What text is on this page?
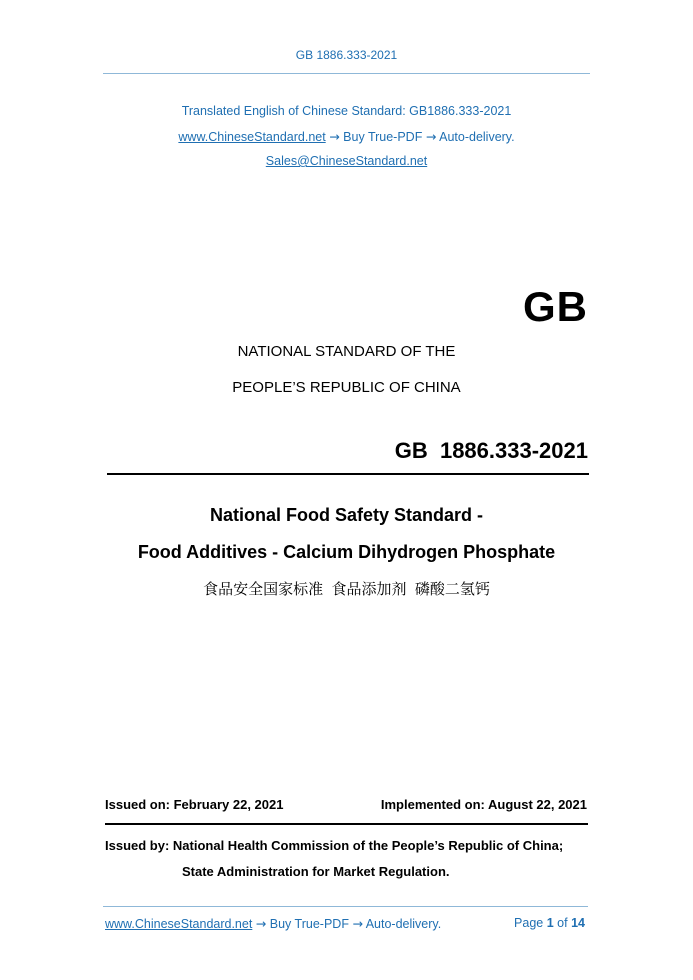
GB 1886.333-2021
Translated English of Chinese Standard: GB1886.333-2021
www.ChineseStandard.net → Buy True-PDF → Auto-delivery.
Sales@ChineseStandard.net
GB
NATIONAL STANDARD OF THE
PEOPLE’S REPUBLIC OF CHINA
GB  1886.333-2021
National Food Safety Standard -
Food Additives - Calcium Dihydrogen Phosphate
食品安全国家标准  食品添加剂  磷酸二氢钙
Issued on: February 22, 2021	Implemented on: August 22, 2021
Issued by: National Health Commission of the People’s Republic of China;
State Administration for Market Regulation.
www.ChineseStandard.net → Buy True-PDF → Auto-delivery.	Page 1 of 14
